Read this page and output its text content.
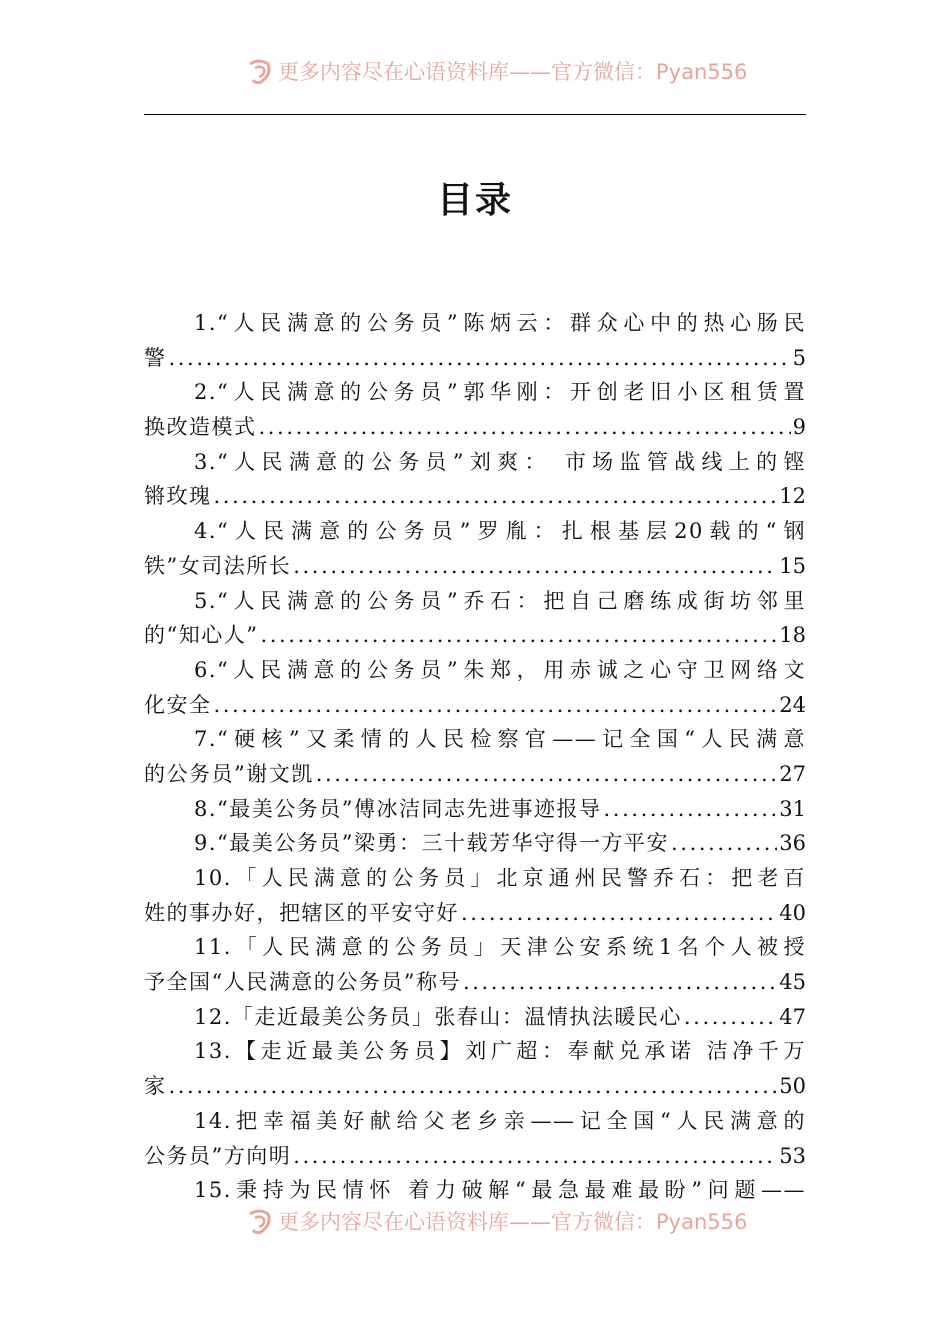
更多内容尽在心语资料库——官方微信：Pyan556
目录
1.“人民满意的公务员”陈炳云：群众心中的热心肠民
警 .....	5
2.“人民满意的公务员”郭华刚：开创老旧小区租赁置
换改造模式 .....	9
3.“人民满意的公务员”刘爽： 市场监管战线上的铿
锵玫瑰 .....	12
4.“人民满意的公务员”罗胤：扎根基层20载的“钢
铁”女司法所长 .....	15
5.“人民满意的公务员”乔石：把自己磨练成街坊邻里
的“知心人” .....	18
6.“人民满意的公务员”朱郑，用赤诚之心守卫网络文
化安全 .....	24
7.“硬核”又柔情的人民检察官——记全国“人民满意
的公务员”谢文凯 .....	27
8.“最美公务员”傅冰洁同志先进事迹报导 .....	31
9.“最美公务员”梁勇：三十载芳华守得一方平安 .....	36
10.「人民满意的公务员」北京通州民警乔石：把老百
姓的事办好，把辖区的平安守好 .....	40
11.「人民满意的公务员」天津公安系统1名个人被授
予全国“人民满意的公务员”称号 .....	45
12.「走近最美公务员」张春山：温情执法暖民心 .....	47
13.【走近最美公务员】刘广超：奉献兑承诺 洁净千万
家 .....	50
14.把幸福美好献给父老乡亲——记全国“人民满意的
公务员”方向明 .....	53
15.秉持为民情怀 着力破解“最急最难最盼”问题——
更多内容尽在心语资料库——官方微信：Pyan556
